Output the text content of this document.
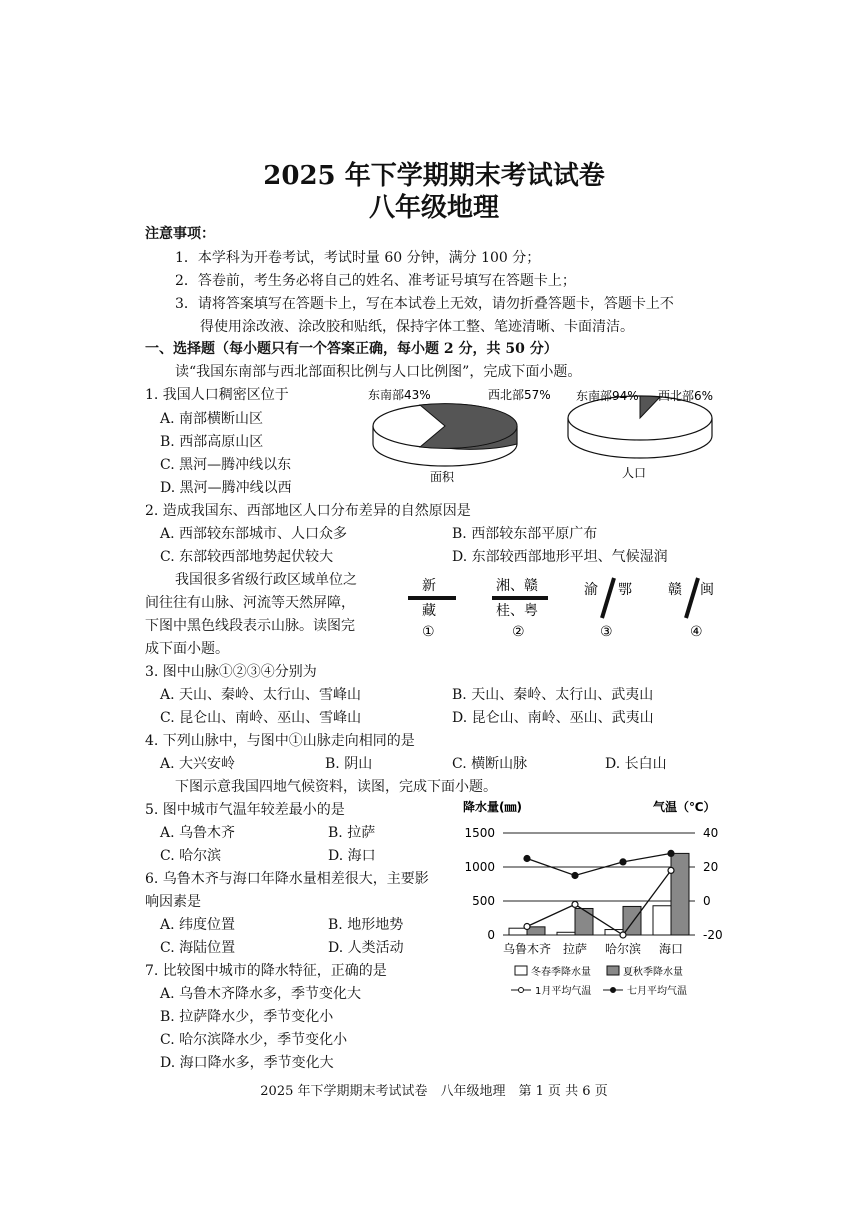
2025 年下学期期末考试试卷
八年级地理
注意事项：
1．本学科为开卷考试，考试时量 60 分钟，满分 100 分；
2．答卷前，考生务必将自己的姓名、准考证号填写在答题卡上；
3．请将答案填写在答题卡上，写在本试卷上无效，请勿折叠答题卡，答题卡上不
得使用涂改液、涂改胶和贴纸，保持字体工整、笔迹清晰、卡面清洁。
一、选择题（每小题只有一个答案正确，每小题 2 分，共 50 分）
读“我国东南部与西北部面积比例与人口比例图”，完成下面小题。
1. 我国人口稠密区位于
A. 南部横断山区
B. 西部高原山区
C. 黑河—腾冲线以东
D. 黑河—腾冲线以西
东南部43%	西北部57%
面积
东南部94% 西北部6%
人口
2. 造成我国东、西部地区人口分布差异的自然原因是
A. 西部较东部城市、人口众多	B. 西部较东部平原广布
C. 东部较西部地势起伏较大	D. 东部较西部地形平坦、气候湿润
我国很多省级行政区域单位之
间往往有山脉、河流等天然屏障，
下图中黑色线段表示山脉。读图完
成下面小题。
新
藏
①
湘、赣
桂、粤
②
渝 鄂
③
赣 闽
④
3. 图中山脉①②③④分别为
A. 天山、秦岭、太行山、雪峰山	B. 天山、秦岭、太行山、武夷山
C. 昆仑山、南岭、巫山、雪峰山	D. 昆仑山、南岭、巫山、武夷山
4. 下列山脉中，与图中①山脉走向相同的是
A. 大兴安岭	B. 阴山	C. 横断山脉	D. 长白山
下图示意我国四地气候资料，读图，完成下面小题。
5. 图中城市气温年较差最小的是
A. 乌鲁木齐	B. 拉萨
C. 哈尔滨	D. 海口
6. 乌鲁木齐与海口年降水量相差很大，主要影
响因素是
A. 纬度位置	B. 地形地势
C. 海陆位置	D. 人类活动
7. 比较图中城市的降水特征，正确的是
A. 乌鲁木齐降水多，季节变化大
B. 拉萨降水少，季节变化小
C. 哈尔滨降水少，季节变化小
D. 海口降水多，季节变化大
降水量(㎜)	气温（℃）
1500
1000
500
0
40
20
0
-20
乌鲁木齐 拉萨 哈尔滨 海口
冬春季降水量	夏秋季降水量
1月平均气温	七月平均气温
2025 年下学期期末考试试卷　八年级地理　第 1 页 共 6 页
